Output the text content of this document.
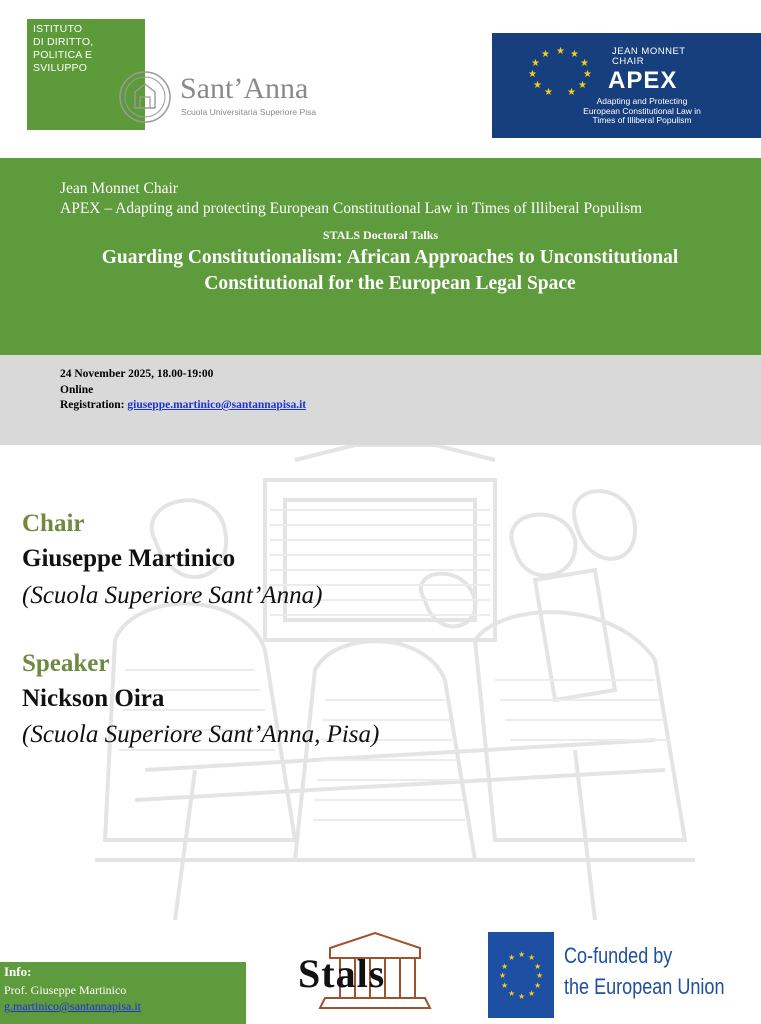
ISTITUTO
DI DIRITTO,
POLITICA E
SVILUPPO
Sant’Anna
Scuola Universitaria Superiore Pisa
★ ★
★
★
★
★
★
★
★
★
★	JEAN MONNET
CHAIR
APEX
Adapting and Protecting
European Constitutional Law in
Times of Illiberal Populism
Jean Monnet Chair
APEX – Adapting and protecting European Constitutional Law in Times of Illiberal Populism
STALS Doctoral Talks
Guarding Constitutionalism: African Approaches to Unconstitutional Constitutional for the European Legal Space
24 November 2025, 18.00-19:00
Online
Registration: giuseppe.martinico@santannapisa.it
Chair
Giuseppe Martinico
(Scuola Superiore Sant’Anna)
Speaker
Nickson Oira
(Scuola Superiore Sant’Anna, Pisa)
Info:
Prof. Giuseppe Martinico
g.martinico@santannapisa.it
Stals	★ ★
★
★
★
★
★
★
★
★
★
★ Co-funded by
the European Union
